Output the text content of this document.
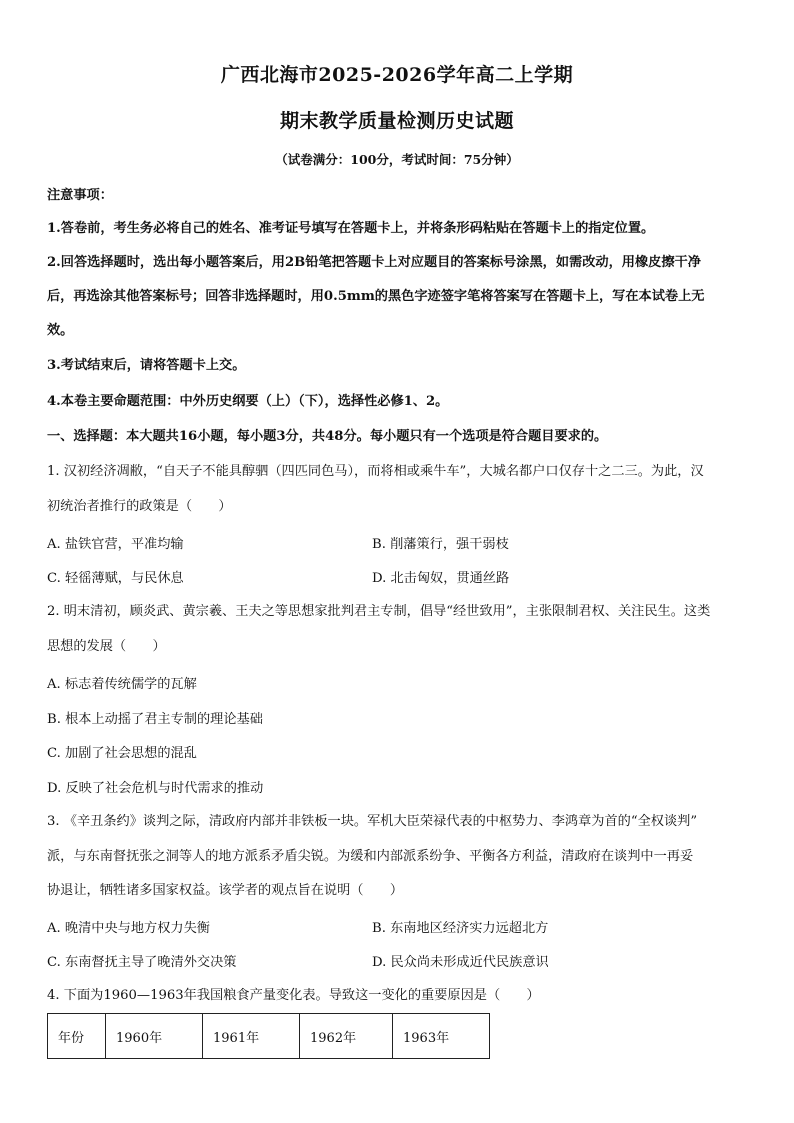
广西北海市2025-2026学年高二上学期
期末教学质量检测历史试题
（试卷满分：100分，考试时间：75分钟）
注意事项：
1.答卷前，考生务必将自己的姓名、准考证号填写在答题卡上，并将条形码粘贴在答题卡上的指定位置。
2.回答选择题时，选出每小题答案后，用2B铅笔把答题卡上对应题目的答案标号涂黑，如需改动，用橡皮擦干净
后，再选涂其他答案标号；回答非选择题时，用0.5mm的黑色字迹签字笔将答案写在答题卡上，写在本试卷上无
效。
3.考试结束后，请将答题卡上交。
4.本卷主要命题范围：中外历史纲要（上）（下），选择性必修1、2。
一、选择题：本大题共16小题，每小题3分，共48分。每小题只有一个选项是符合题目要求的。
1. 汉初经济凋敝，“自天子不能具醇驷（四匹同色马），而将相或乘牛车”，大城名都户口仅存十之二三。为此，汉
初统治者推行的政策是（　　）
A. 盐铁官营，平准均输	B. 削藩策行，强干弱枝
C. 轻徭薄赋，与民休息	D. 北击匈奴，贯通丝路
2. 明末清初，顾炎武、黄宗羲、王夫之等思想家批判君主专制，倡导“经世致用”，主张限制君权、关注民生。这类
思想的发展（　　）
A. 标志着传统儒学的瓦解
B. 根本上动摇了君主专制的理论基础
C. 加剧了社会思想的混乱
D. 反映了社会危机与时代需求的推动
3. 《辛丑条约》谈判之际，清政府内部并非铁板一块。军机大臣荣禄代表的中枢势力、李鸿章为首的“全权谈判”
派，与东南督抚张之洞等人的地方派系矛盾尖锐。为缓和内部派系纷争、平衡各方利益，清政府在谈判中一再妥
协退让，牺牲诸多国家权益。该学者的观点旨在说明（　　）
A. 晚清中央与地方权力失衡	B. 东南地区经济实力远超北方
C. 东南督抚主导了晚清外交决策	D. 民众尚未形成近代民族意识
4. 下面为1960—1963年我国粮食产量变化表。导致这一变化的重要原因是（　　）
年份	1960年	1961年	1962年	1963年
